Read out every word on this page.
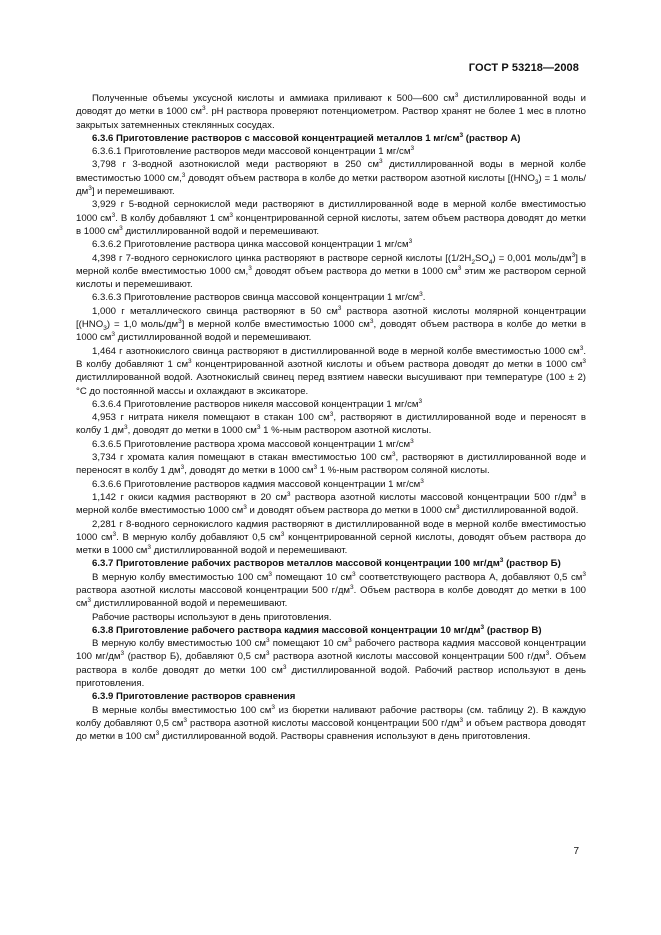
ГОСТ Р 53218—2008

Полученные объемы уксусной кислоты и аммиака приливают к 500—600 $см^3$ дистиллированной воды и доводят до метки в 1000 $см^3$. pH раствора проверяют потенциометром. Раствор хранят не более 1 мес в плотно закрытых затемненных стеклянных сосудах.

6.3.6 Приготовление растворов с массовой концентрацией металлов 1 $мг/см^3$ (раствор А)

6.3.6.1 Приготовление растворов меди массовой концентрации 1 $мг/см^3$

3,798 г 3-водной азотнокислой меди растворяют в 250 $см^3$ дистиллированной воды в мерной колбе вместимостью 1000 см,$^3$ доводят объем раствора в колбе до метки раствором азотной кислоты [$(HNO_3) = 1$ моль/$дм^3$] и перемешивают.

3,929 г 5-водной сернокислой меди растворяют в дистиллированной воде в мерной колбе вместимостью 1000 $см^3$. В колбу добавляют 1 $см^3$ концентрированной серной кислоты, затем объем раствора доводят до метки в 1000 $см^3$ дистиллированной водой и перемешивают.

6.3.6.2 Приготовление раствора цинка массовой концентрации 1 $мг/см^3$

4,398 г 7-водного сернокислого цинка растворяют в растворе серной кислоты [$(1/2H_2SO_4) = 0,001$ моль/$дм^3$] в мерной колбе вместимостью 1000 см,$^3$ доводят объем раствора до метки в 1000 $см^3$ этим же раствором серной кислоты и перемешивают.

6.3.6.3 Приготовление растворов свинца массовой концентрации 1 $мг/см^3$.

1,000 г металлического свинца растворяют в 50 $см^3$ раствора азотной кислоты молярной концентрации [$(HNO_3) = 1,0$ моль/$дм^3$] в мерной колбе вместимостью 1000 $см^3$, доводят объем раствора в колбе до метки в 1000 $см^3$ дистиллированной водой и перемешивают.

1,464 г азотнокислого свинца растворяют в дистиллированной воде в мерной колбе вместимостью 1000 $см^3$. В колбу добавляют 1 $см^3$ концентрированной азотной кислоты и объем раствора доводят до метки в 1000 $см^3$ дистиллированной водой. Азотнокислый свинец перед взятием навески высушивают при температуре (100 ± 2) °С до постоянной массы и охлаждают в эксикаторе.

6.3.6.4 Приготовление растворов никеля массовой концентрации 1 $мг/см^3$

4,953 г нитрата никеля помещают в стакан 100 $см^3$, растворяют в дистиллированной воде и переносят в колбу 1 $дм^3$, доводят до метки в 1000 $см^3$ 1 %-ным раствором азотной кислоты.

6.3.6.5 Приготовление раствора хрома массовой концентрации 1 $мг/см^3$

3,734 г хромата калия помещают в стакан вместимостью 100 $см^3$, растворяют в дистиллированной воде и переносят в колбу 1 $дм^3$, доводят до метки в 1000 $см^3$ 1 %-ным раствором соляной кислоты.

6.3.6.6 Приготовление растворов кадмия массовой концентрации 1 $мг/см^3$

1,142 г окиси кадмия растворяют в 20 $см^3$ раствора азотной кислоты массовой концентрации 500 $г/дм^3$ в мерной колбе вместимостью 1000 $см^3$ и доводят объем раствора до метки в 1000 $см^3$ дистиллированной водой.

2,281 г 8-водного сернокислого кадмия растворяют в дистиллированной воде в мерной колбе вместимостью 1000 $см^3$. В мерную колбу добавляют 0,5 $см^3$ концентрированной серной кислоты, доводят объем раствора до метки в 1000 $см^3$ дистиллированной водой и перемешивают.

6.3.7 Приготовление рабочих растворов металлов массовой концентрации 100 $мг/дм^3$ (раствор Б)

В мерную колбу вместимостью 100 $см^3$ помещают 10 $см^3$ соответствующего раствора А, добавляют 0,5 $см^3$ раствора азотной кислоты массовой концентрации 500 $г/дм^3$. Объем раствора в колбе доводят до метки в 100 $см^3$ дистиллированной водой и перемешивают.

Рабочие растворы используют в день приготовления.

6.3.8 Приготовление рабочего раствора кадмия массовой концентрации 10 $мг/дм^3$ (раствор В)

В мерную колбу вместимостью 100 $см^3$ помещают 10 $см^3$ рабочего раствора кадмия массовой концентрации 100 $мг/дм^3$ (раствор Б), добавляют 0,5 $см^3$ раствора азотной кислоты массовой концентрации 500 $г/дм^3$. Объем раствора в колбе доводят до метки 100 $см^3$ дистиллированной водой. Рабочий раствор используют в день приготовления.

6.3.9 Приготовление растворов сравнения

В мерные колбы вместимостью 100 $см^3$ из бюретки наливают рабочие растворы (см. таблицу 2). В каждую колбу добавляют 0,5 $см^3$ раствора азотной кислоты массовой концентрации 500 $г/дм^3$ и объем раствора доводят до метки в 100 $см^3$ дистиллированной водой. Растворы сравнения используют в день приготовления.

7
